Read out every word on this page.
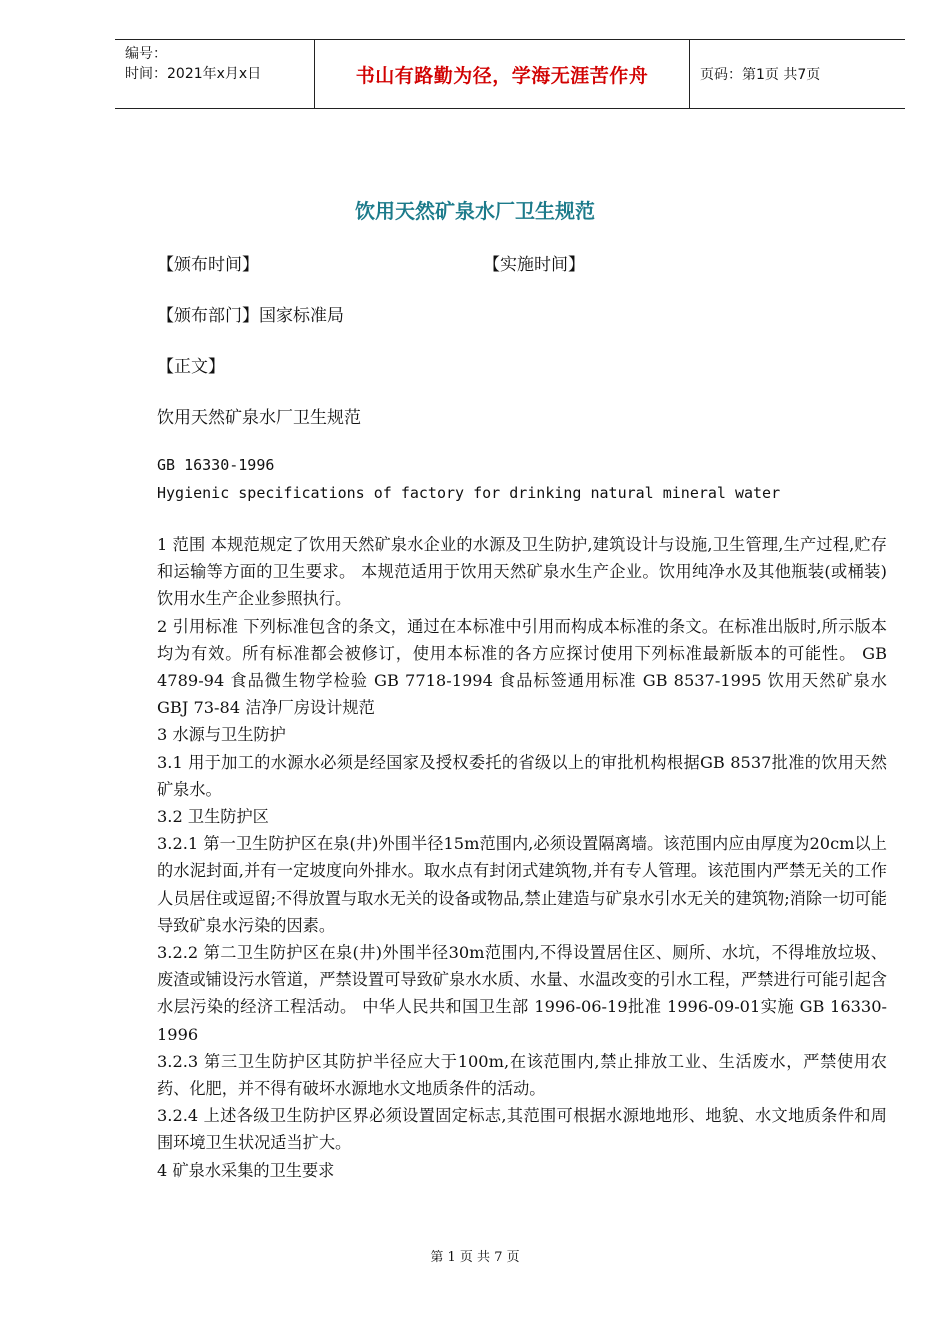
编号：
时间：2021年x月x日	书山有路勤为径，学海无涯苦作舟	页码：第1页 共7页
饮用天然矿泉水厂卫生规范
【颁布时间】	【实施时间】
【颁布部门】国家标准局
【正文】
饮用天然矿泉水厂卫生规范
GB 16330-1996
Hygienic specifications of factory for drinking natural mineral water

1 范围 本规范规定了饮用天然矿泉水企业的水源及卫生防护,建筑设计与设施,卫生管理,生产过程,贮存和运输等方面的卫生要求。 本规范适用于饮用天然矿泉水生产企业。饮用纯净水及其他瓶装(或桶装)饮用水生产企业参照执行。

2 引用标准 下列标准包含的条文，通过在本标准中引用而构成本标准的条文。在标准出版时,所示版本均为有效。所有标准都会被修订，使用本标准的各方应探讨使用下列标准最新版本的可能性。 GB 4789-94 食品微生物学检验 GB 7718-1994 食品标签通用标准 GB 8537-1995 饮用天然矿泉水 GBJ 73-84 洁净厂房设计规范

3 水源与卫生防护

3.1 用于加工的水源水必须是经国家及授权委托的省级以上的审批机构根据GB 8537批准的饮用天然矿泉水。

3.2 卫生防护区

3.2.1 第一卫生防护区在泉(井)外围半径15m范围内,必须设置隔离墙。该范围内应由厚度为20cm以上的水泥封面,并有一定坡度向外排水。取水点有封闭式建筑物,并有专人管理。该范围内严禁无关的工作人员居住或逗留;不得放置与取水无关的设备或物品,禁止建造与矿泉水引水无关的建筑物;消除一切可能导致矿泉水污染的因素。

3.2.2 第二卫生防护区在泉(井)外围半径30m范围内,不得设置居住区、厕所、水坑，不得堆放垃圾、废渣或铺设污水管道，严禁设置可导致矿泉水水质、水量、水温改变的引水工程，严禁进行可能引起含水层污染的经济工程活动。 中华人民共和国卫生部 1996-06-19批准 1996-09-01实施 GB 16330-1996

3.2.3 第三卫生防护区其防护半径应大于100m,在该范围内,禁止排放工业、生活废水，严禁使用农药、化肥，并不得有破坏水源地水文地质条件的活动。

3.2.4 上述各级卫生防护区界必须设置固定标志,其范围可根据水源地地形、地貌、水文地质条件和周围环境卫生状况适当扩大。

4 矿泉水采集的卫生要求

第 1 页 共 7 页
